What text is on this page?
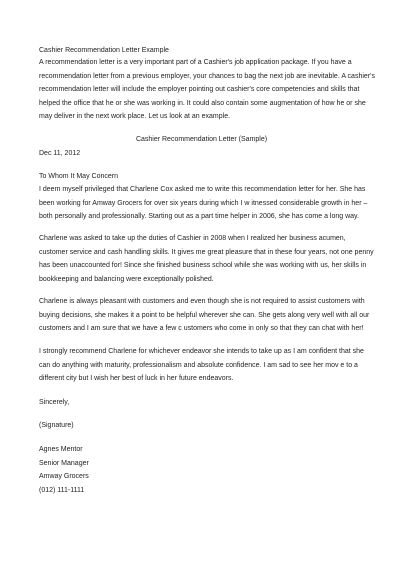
Cashier Recommendation Letter Example

A recommendation letter is a very important part of a Cashier's job application package. If you have a
recommendation letter from a previous employer, your chances to bag the next job are inevitable. A cashier's
recommendation letter will include the employer pointing out cashier's core competencies and skills that
helped the office that he or she was working in. It could also contain some augmentation of how he or she
may deliver in the next work place. Let us look at an example.

Cashier Recommendation Letter (Sample)

Dec 11, 2012

To Whom It May Concern

I deem myself privileged that Charlene Cox asked me to write this recommendation letter for her. She has
been working for Amway Grocers for over six years during which I w itnessed considerable growth in her –
both personally and professionally. Starting out as a part time helper in 2006, she has come a long way.
Charlene was asked to take up the duties of Cashier in 2008 when I realized her business acumen,
customer service and cash handling skills. It gives me great pleasure that in these four years, not one penny
has been unaccounted for! Since she finished business school while she was working with us, her skills in
bookkeeping and balancing were exceptionally polished.
Charlene is always pleasant with customers and even though she is not required to assist customers with
buying decisions, she makes it a point to be helpful wherever she can. She gets along very well with all our
customers and I am sure that we have a few c ustomers who come in only so that they can chat with her!
I strongly recommend Charlene for whichever endeavor she intends to take up as I am confident that she
can do anything with maturity, professionalism and absolute confidence. I am sad to see her mov e to a
different city but I wish her best of luck in her future endeavors.

Sincerely,

(Signature)

Agnes Mentor
Senior Manager
Amway Grocers
(012) 111-1111
